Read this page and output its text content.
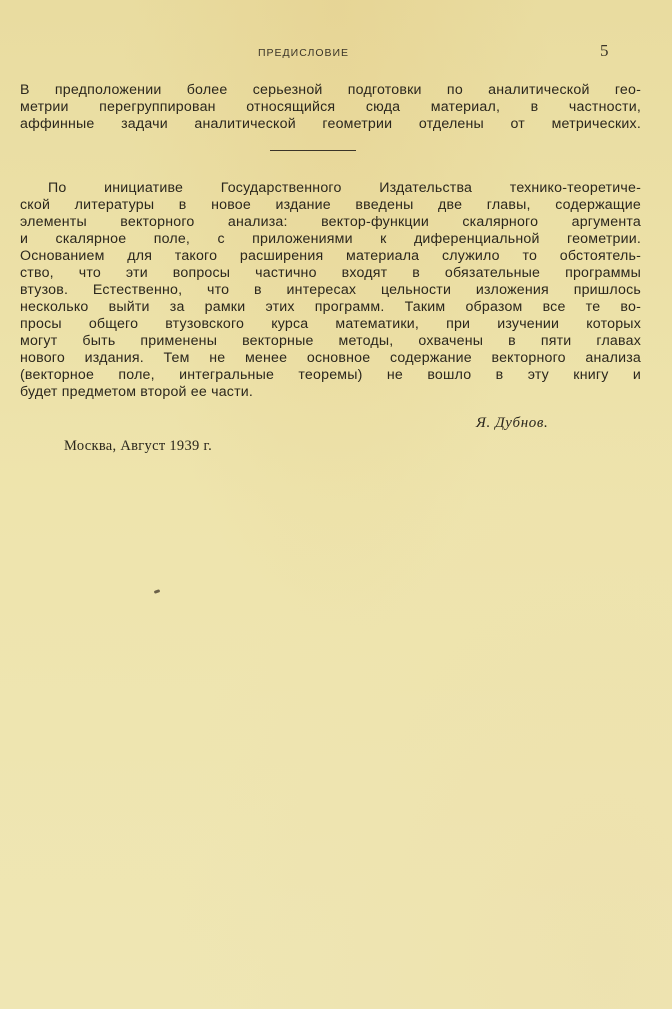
ПРЕДИСЛОВИЕ	5
В предположении более серьезной подготовки по аналитической гео-
метрии перегруппирован относящийся сюда материал, в частности,
аффинные задачи аналитической геометрии отделены от метрических.
По инициативе Государственного Издательства технико-теоретиче-
ской литературы в новое издание введены две главы, содержащие
элементы векторного анализа: вектор-функции скалярного аргумента
и скалярное поле, с приложениями к диференциальной геометрии.
Основанием для такого расширения материала служило то обстоятель-
ство, что эти вопросы частично входят в обязательные программы
втузов. Естественно, что в интересах цельности изложения пришлось
несколько выйти за рамки этих программ. Таким образом все те во-
просы общего втузовского курса математики, при изучении которых
могут быть применены векторные методы, охвачены в пяти главах
нового издания. Тем не менее основное содержание векторного анализа
(векторное поле, интегральные теоремы) не вошло в эту книгу и
будет предметом второй ее части.
Я. Дубнов.
Москва, Август 1939 г.
